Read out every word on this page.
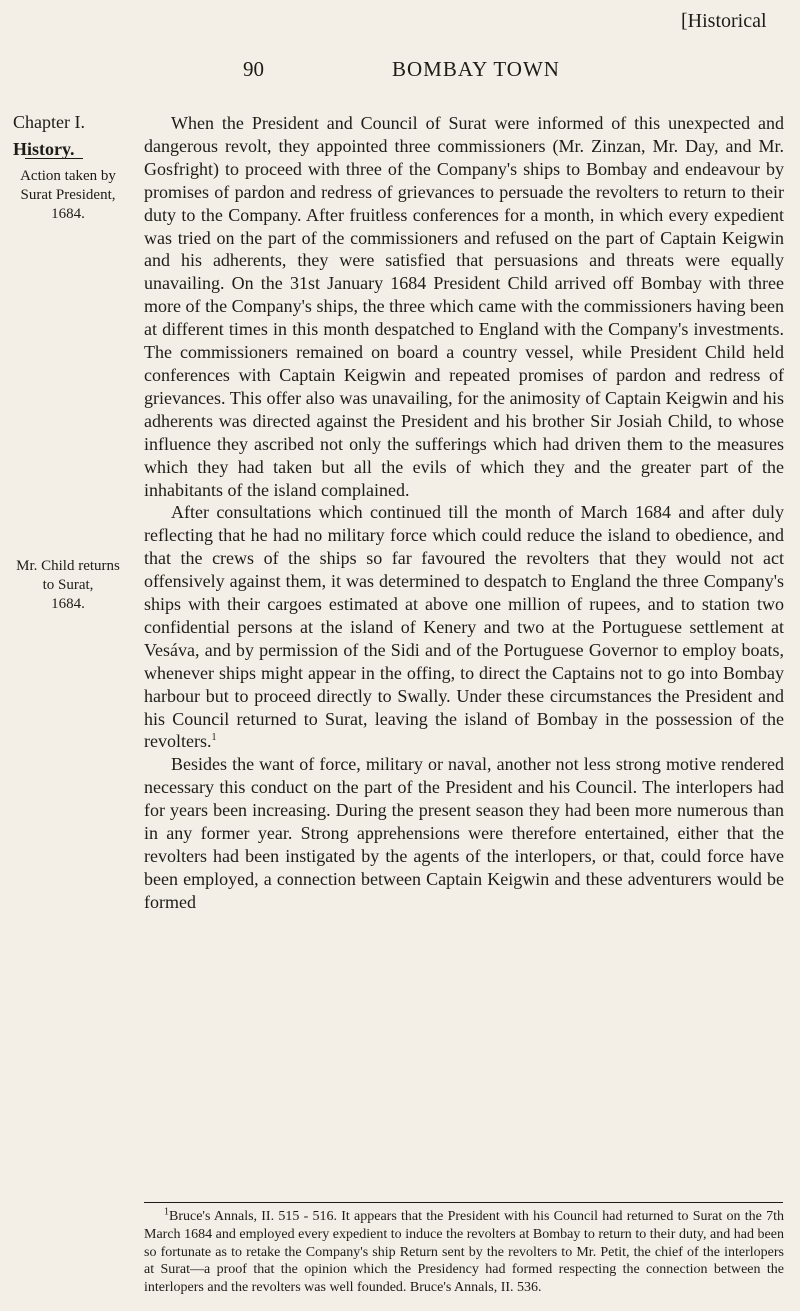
[Historical
90	BOMBAY TOWN
Chapter I.
History.
Action taken by
Surat President,
1684.
Mr. Child returns
to Surat,
1684.

When the President and Council of Surat were informed of this unexpected and dangerous revolt, they appointed three commissioners (Mr. Zinzan, Mr. Day, and Mr. Gosfright) to proceed with three of the Company's ships to Bombay and endeavour by promises of pardon and redress of grievances to persuade the revolters to return to their duty to the Company. After fruitless conferences for a month, in which every expedient was tried on the part of the commissioners and refused on the part of Captain Keigwin and his adherents, they were satisfied that persuasions and threats were equally unavailing. On the 31st January 1684 President Child arrived off Bombay with three more of the Company's ships, the three which came with the commissioners having been at different times in this month despatched to England with the Company's investments. The commissioners remained on board a country vessel, while President Child held conferences with Captain Keigwin and repeated promises of pardon and redress of grievances. This offer also was unavailing, for the animosity of Captain Keigwin and his adherents was directed against the President and his brother Sir Josiah Child, to whose influence they ascribed not only the sufferings which had driven them to the measures which they had taken but all the evils of which they and the greater part of the inhabitants of the island complained.

After consultations which continued till the month of March 1684 and after duly reflecting that he had no military force which could reduce the island to obedience, and that the crews of the ships so far favoured the revolters that they would not act offensively against them, it was determined to despatch to England the three Company's ships with their cargoes estimated at above one million of rupees, and to station two confidential persons at the island of Kenery and two at the Portuguese settlement at Vesáva, and by permission of the Sidi and of the Portuguese Governor to employ boats, whenever ships might appear in the offing, to direct the Captains not to go into Bombay harbour but to proceed directly to Swally. Under these circumstances the President and his Council returned to Surat, leaving the island of Bombay in the possession of the revolters.$^1$

Besides the want of force, military or naval, another not less strong motive rendered necessary this conduct on the part of the President and his Council. The interlopers had for years been increasing. During the present season they had been more numerous than in any former year. Strong apprehensions were therefore entertained, either that the revolters had been instigated by the agents of the interlopers, or that, could force have been employed, a connection between Captain Keigwin and these adventurers would be formed

$^1$Bruce's Annals, II. 515 - 516. It appears that the President with his Council had returned to Surat on the 7th March 1684 and employed every expedient to induce the revolters at Bombay to return to their duty, and had been so fortunate as to retake the Company's ship Return sent by the revolters to Mr. Petit, the chief of the interlopers at Surat—a proof that the opinion which the Presidency had formed respecting the connection between the interlopers and the revolters was well founded. Bruce's Annals, II. 536.
